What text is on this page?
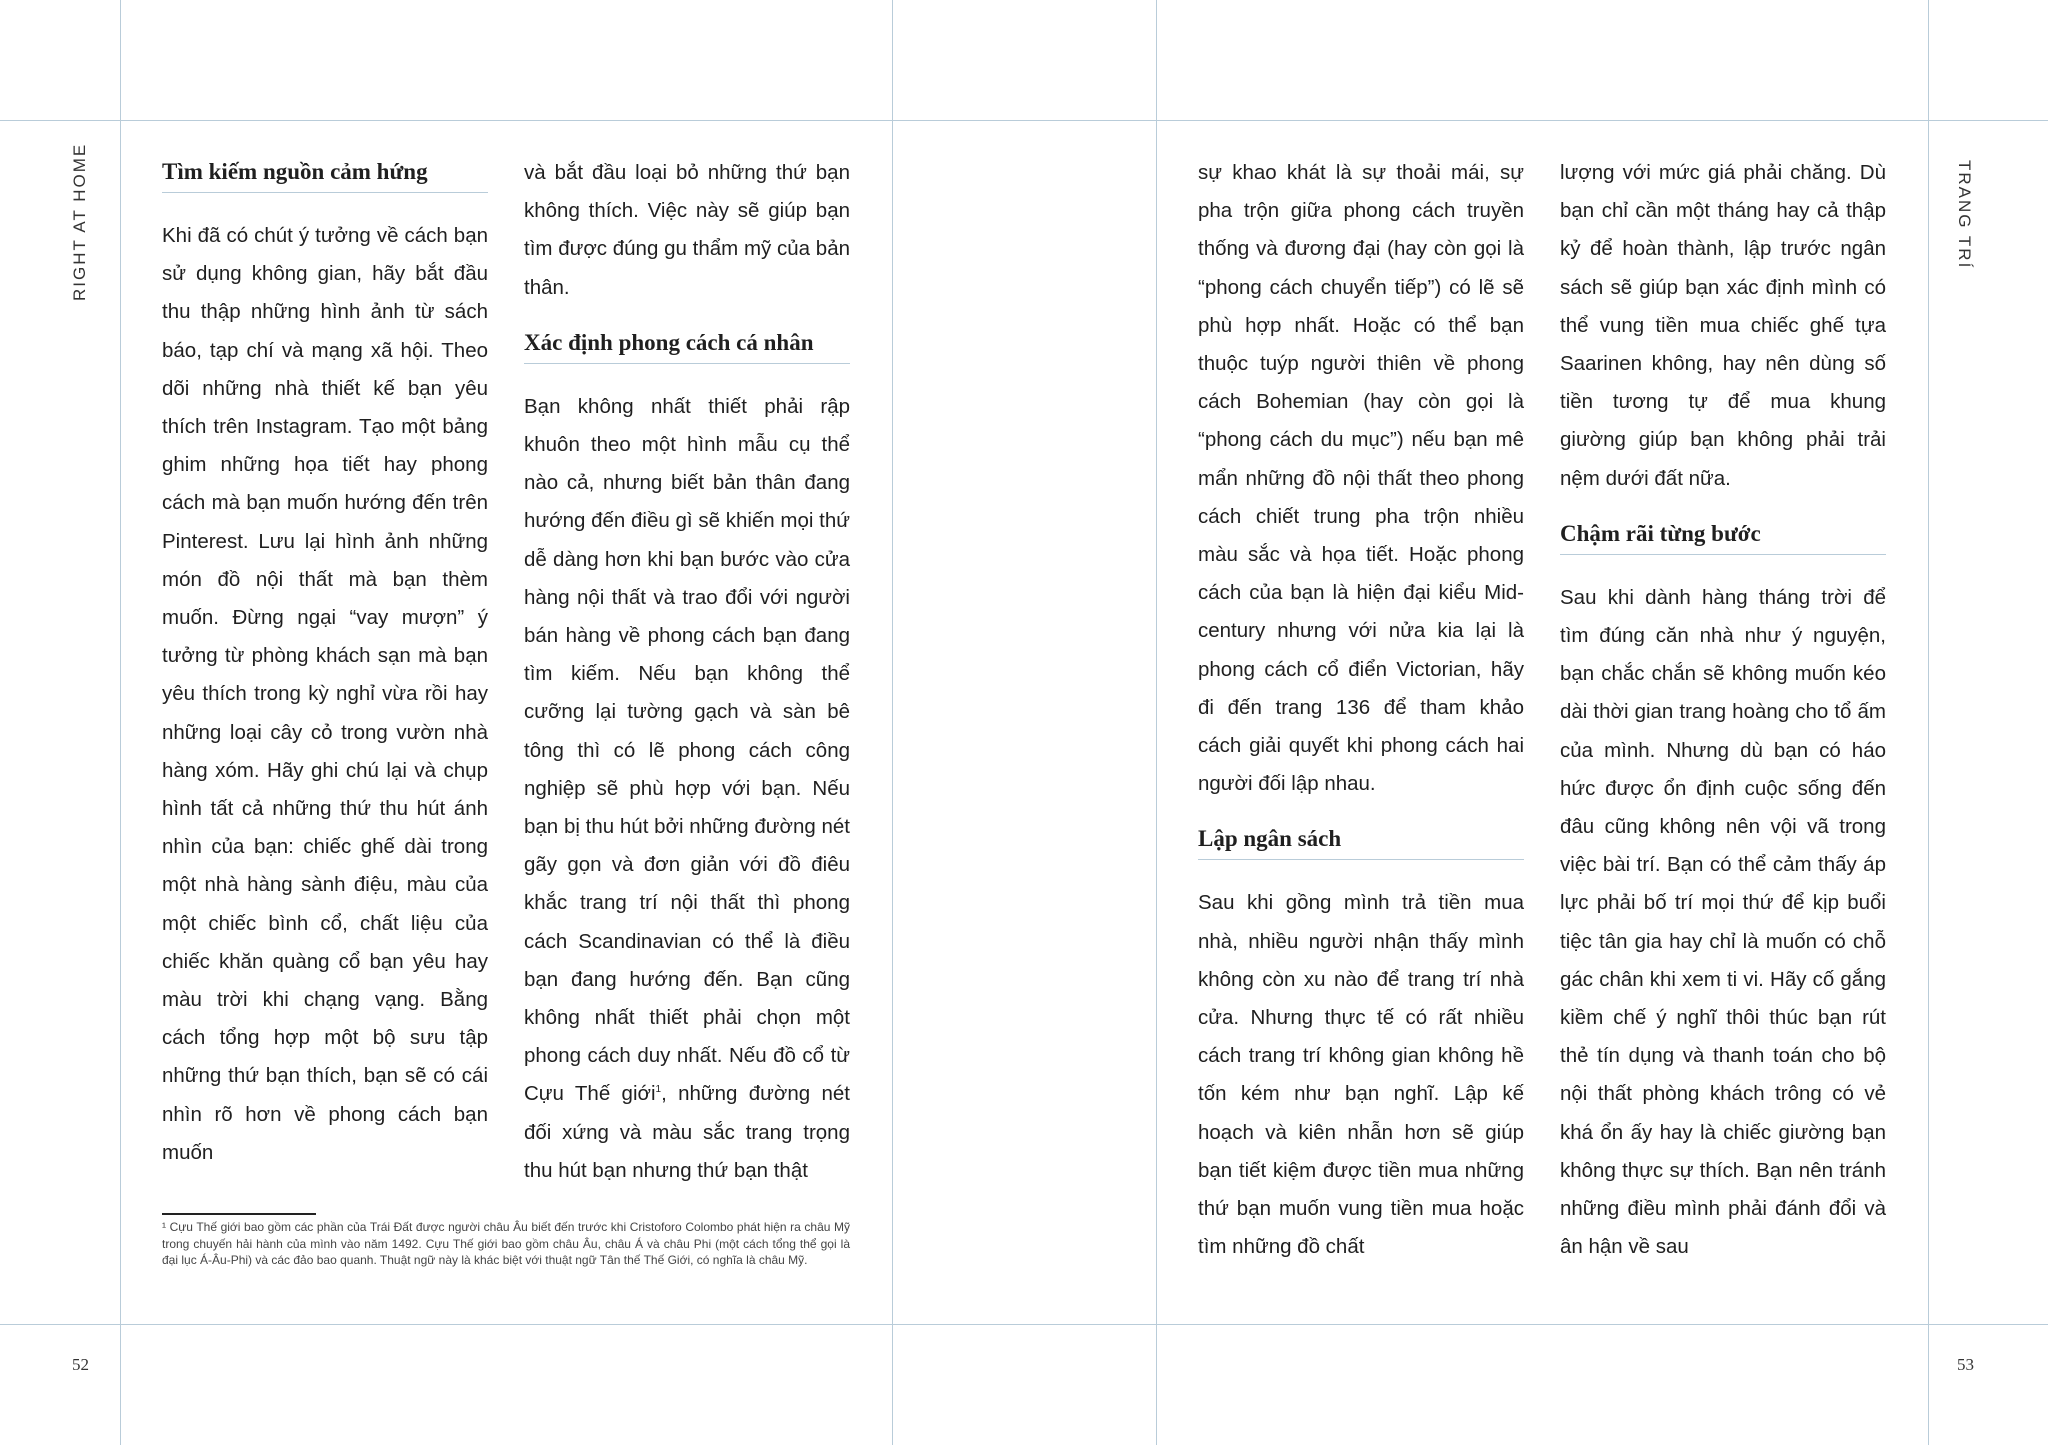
RIGHT AT HOME	TRANG TRÍ
52	53
Tìm kiếm nguồn cảm hứng

Khi đã có chút ý tưởng về cách bạn sử dụng không gian, hãy bắt đầu thu thập những hình ảnh từ sách báo, tạp chí và mạng xã hội. Theo dõi những nhà thiết kế bạn yêu thích trên Instagram. Tạo một bảng ghim những họa tiết hay phong cách mà bạn muốn hướng đến trên Pinterest. Lưu lại hình ảnh những món đồ nội thất mà bạn thèm muốn. Đừng ngại “vay mượn” ý tưởng từ phòng khách sạn mà bạn yêu thích trong kỳ nghỉ vừa rồi hay những loại cây cỏ trong vườn nhà hàng xóm. Hãy ghi chú lại và chụp hình tất cả những thứ thu hút ánh nhìn của bạn: chiếc ghế dài trong một nhà hàng sành điệu, màu của một chiếc bình cổ, chất liệu của chiếc khăn quàng cổ bạn yêu hay màu trời khi chạng vạng. Bằng cách tổng hợp một bộ sưu tập những thứ bạn thích, bạn sẽ có cái nhìn rõ hơn về phong cách bạn muốn

và bắt đầu loại bỏ những thứ bạn không thích. Việc này sẽ giúp bạn tìm được đúng gu thẩm mỹ của bản thân.

Xác định phong cách cá nhân

Bạn không nhất thiết phải rập khuôn theo một hình mẫu cụ thể nào cả, nhưng biết bản thân đang hướng đến điều gì sẽ khiến mọi thứ dễ dàng hơn khi bạn bước vào cửa hàng nội thất và trao đổi với người bán hàng về phong cách bạn đang tìm kiếm. Nếu bạn không thể cưỡng lại tường gạch và sàn bê tông thì có lẽ phong cách công nghiệp sẽ phù hợp với bạn. Nếu bạn bị thu hút bởi những đường nét gãy gọn và đơn giản với đồ điêu khắc trang trí nội thất thì phong cách Scandinavian có thể là điều bạn đang hướng đến. Bạn cũng không nhất thiết phải chọn một phong cách duy nhất. Nếu đồ cổ từ Cựu Thế giới$^1$, những đường nét đối xứng và màu sắc trang trọng thu hút bạn nhưng thứ bạn thật

¹ Cựu Thế giới bao gồm các phần của Trái Đất được người châu Âu biết đến trước khi Cristoforo Colombo phát hiện ra châu Mỹ trong chuyến hải hành của mình vào năm 1492. Cựu Thế giới bao gồm châu Âu, châu Á và châu Phi (một cách tổng thể gọi là đại lục Á-Âu-Phi) và các đảo bao quanh. Thuật ngữ này là khác biệt với thuật ngữ Tân thế Thế Giới, có nghĩa là châu Mỹ.

sự khao khát là sự thoải mái, sự pha trộn giữa phong cách truyền thống và đương đại (hay còn gọi là “phong cách chuyển tiếp”) có lẽ sẽ phù hợp nhất. Hoặc có thể bạn thuộc tuýp người thiên về phong cách Bohemian (hay còn gọi là “phong cách du mục”) nếu bạn mê mẩn những đồ nội thất theo phong cách chiết trung pha trộn nhiều màu sắc và họa tiết. Hoặc phong cách của bạn là hiện đại kiểu Mid-century nhưng với nửa kia lại là phong cách cổ điển Victorian, hãy đi đến trang 136 để tham khảo cách giải quyết khi phong cách hai người đối lập nhau.

Lập ngân sách

Sau khi gồng mình trả tiền mua nhà, nhiều người nhận thấy mình không còn xu nào để trang trí nhà cửa. Nhưng thực tế có rất nhiều cách trang trí không gian không hề tốn kém như bạn nghĩ. Lập kế hoạch và kiên nhẫn hơn sẽ giúp bạn tiết kiệm được tiền mua những thứ bạn muốn vung tiền mua hoặc tìm những đồ chất

lượng với mức giá phải chăng. Dù bạn chỉ cần một tháng hay cả thập kỷ để hoàn thành, lập trước ngân sách sẽ giúp bạn xác định mình có thể vung tiền mua chiếc ghế tựa Saarinen không, hay nên dùng số tiền tương tự để mua khung giường giúp bạn không phải trải nệm dưới đất nữa.

Chậm rãi từng bước

Sau khi dành hàng tháng trời để tìm đúng căn nhà như ý nguyện, bạn chắc chắn sẽ không muốn kéo dài thời gian trang hoàng cho tổ ấm của mình. Nhưng dù bạn có háo hức được ổn định cuộc sống đến đâu cũng không nên vội vã trong việc bài trí. Bạn có thể cảm thấy áp lực phải bố trí mọi thứ để kịp buổi tiệc tân gia hay chỉ là muốn có chỗ gác chân khi xem ti vi. Hãy cố gắng kiềm chế ý nghĩ thôi thúc bạn rút thẻ tín dụng và thanh toán cho bộ nội thất phòng khách trông có vẻ khá ổn ấy hay là chiếc giường bạn không thực sự thích. Bạn nên tránh những điều mình phải đánh đổi và ân hận về sau
